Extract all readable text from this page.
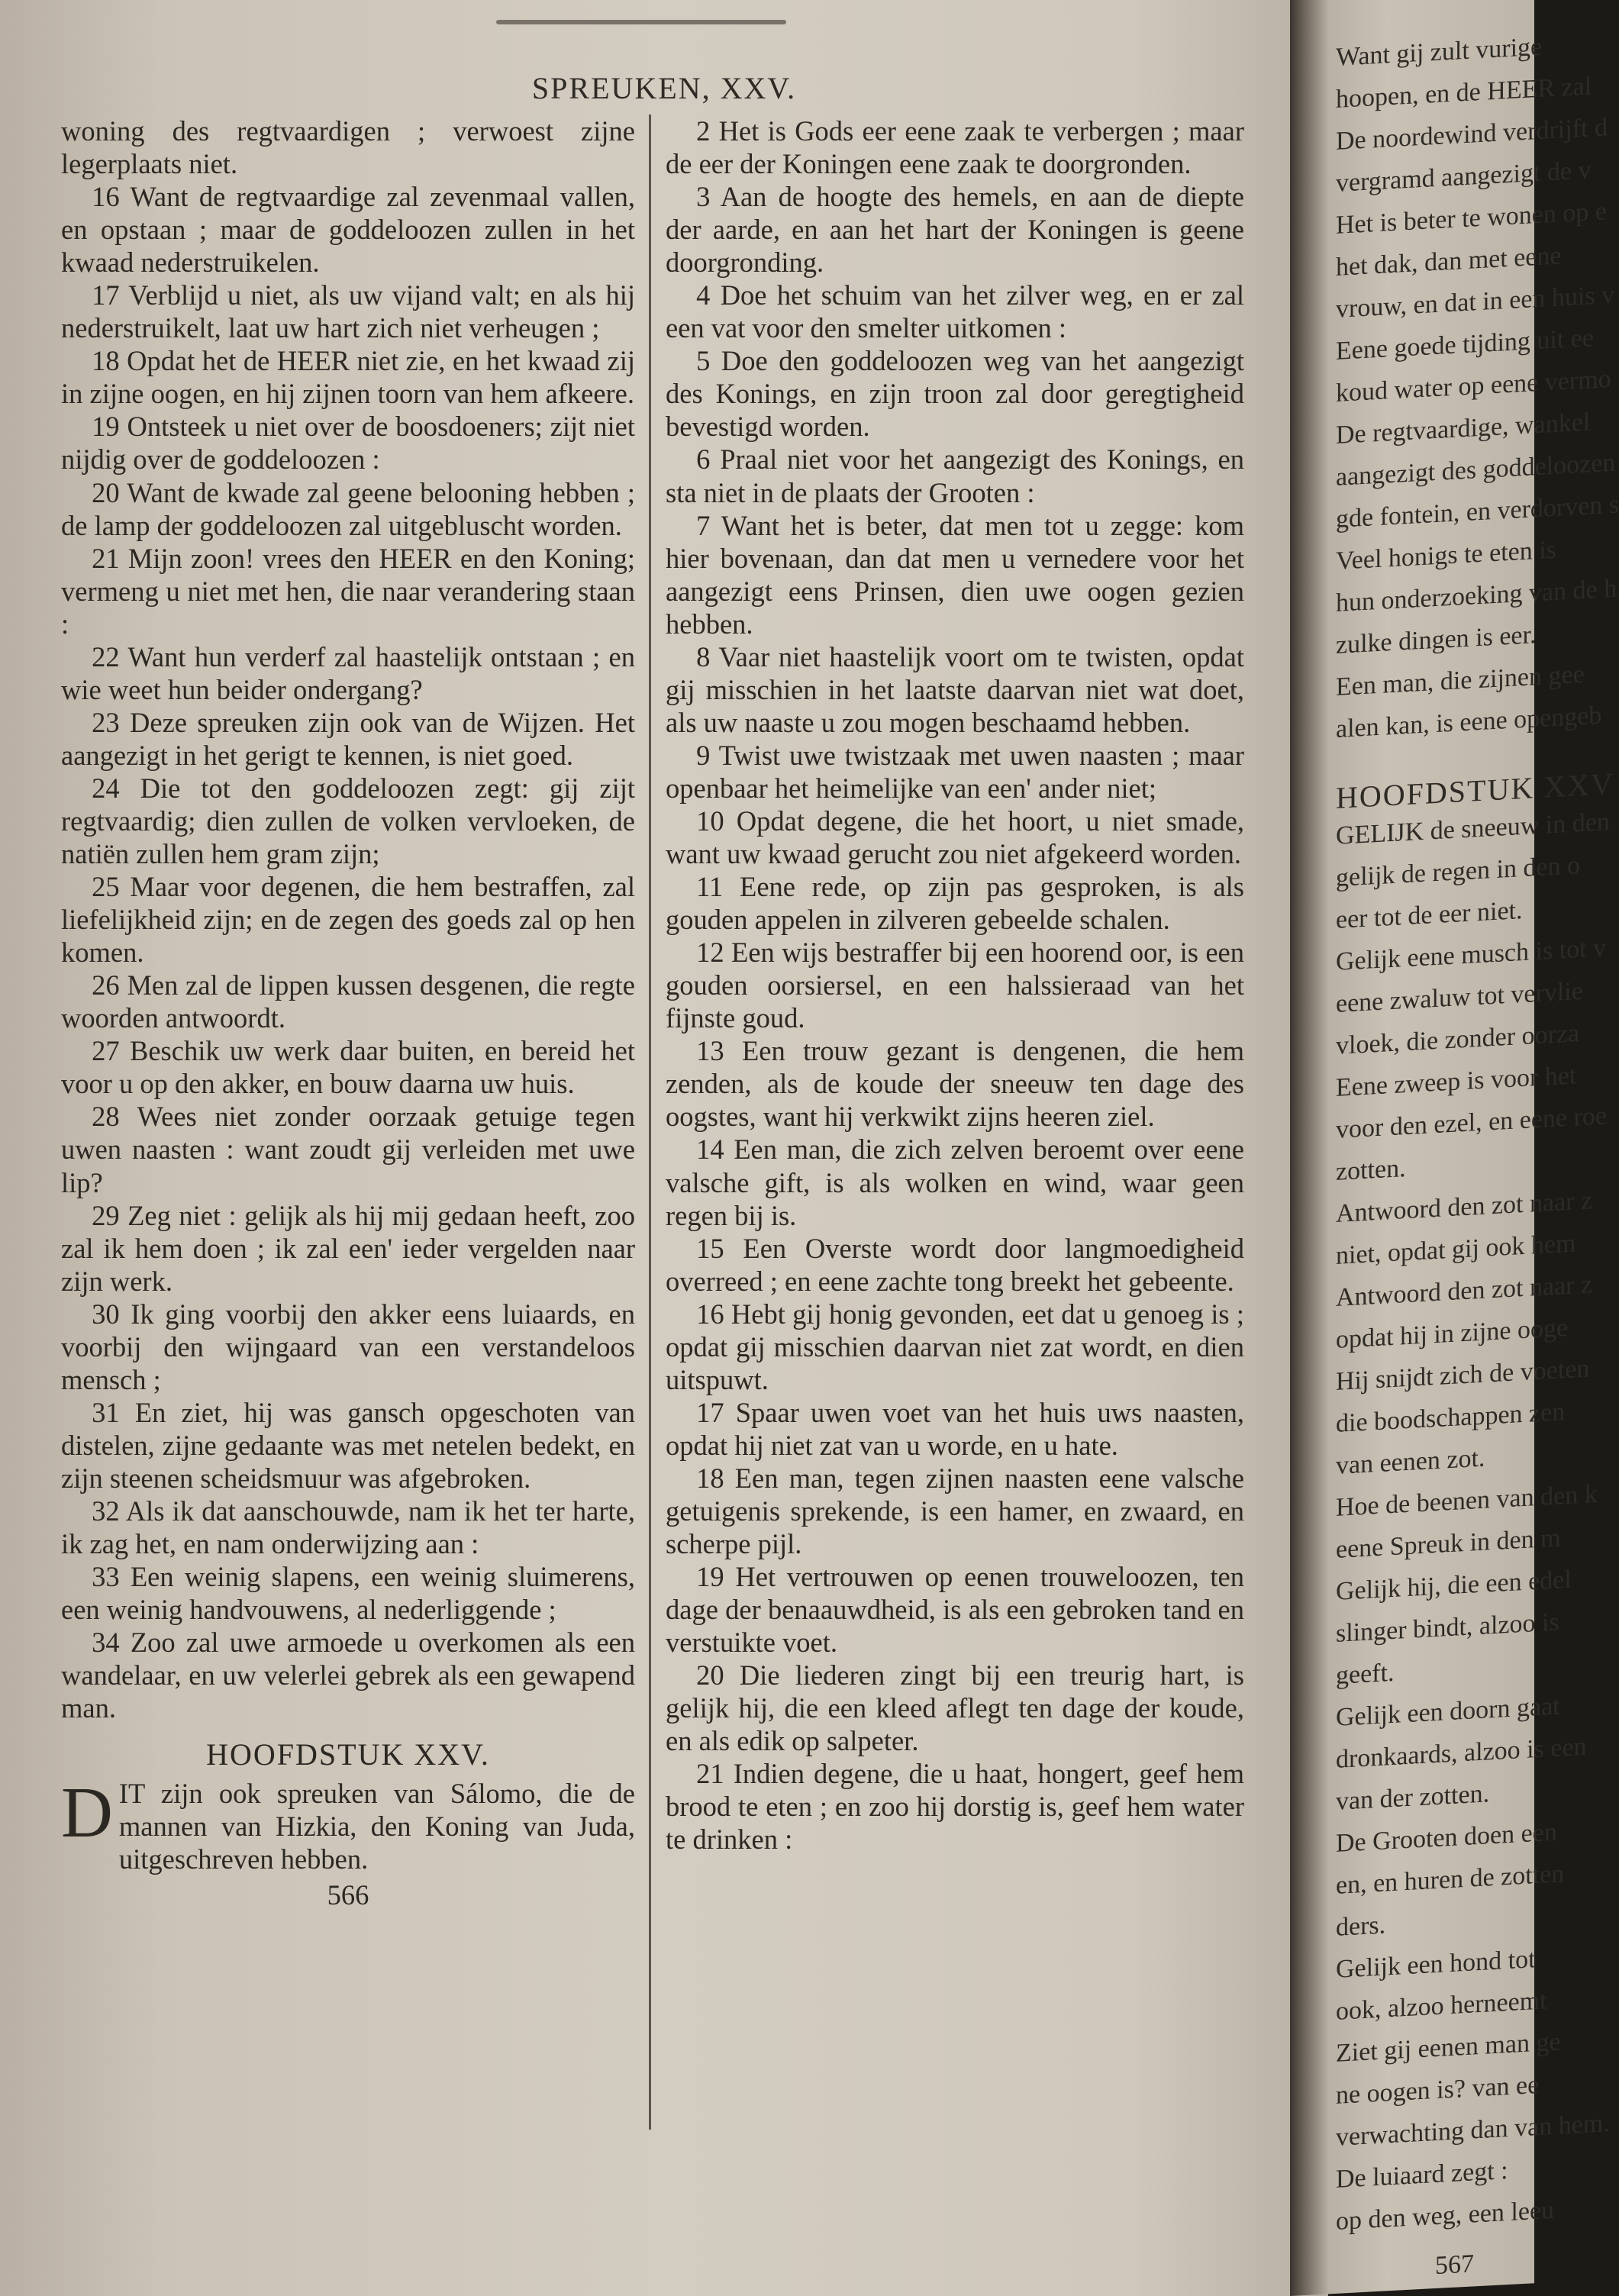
SPREUKEN, XXV.

woning des regtvaardigen ; verwoest zijne legerplaats niet.

16 Want de regtvaardige zal zevenmaal vallen, en opstaan ; maar de goddeloozen zullen in het kwaad nederstruikelen.

17 Verblijd u niet, als uw vijand valt; en als hij nederstruikelt, laat uw hart zich niet verheugen ;

18 Opdat het de HEER niet zie, en het kwaad zij in zijne oogen, en hij zijnen toorn van hem afkeere.

19 Ontsteek u niet over de boosdoeners; zijt niet nijdig over de goddeloozen :

20 Want de kwade zal geene belooning hebben ; de lamp der goddeloozen zal uitgebluscht worden.

21 Mijn zoon! vrees den HEER en den Koning; vermeng u niet met hen, die naar verandering staan :

22 Want hun verderf zal haastelijk ontstaan ; en wie weet hun beider ondergang?

23 Deze spreuken zijn ook van de Wijzen. Het aangezigt in het gerigt te kennen, is niet goed.

24 Die tot den goddeloozen zegt: gij zijt regtvaardig; dien zullen de volken vervloeken, de natiën zullen hem gram zijn;

25 Maar voor degenen, die hem bestraffen, zal liefelijkheid zijn; en de zegen des goeds zal op hen komen.

26 Men zal de lippen kussen desgenen, die regte woorden antwoordt.

27 Beschik uw werk daar buiten, en bereid het voor u op den akker, en bouw daarna uw huis.

28 Wees niet zonder oorzaak getuige tegen uwen naasten : want zoudt gij verleiden met uwe lip?

29 Zeg niet : gelijk als hij mij gedaan heeft, zoo zal ik hem doen ; ik zal een' ieder vergelden naar zijn werk.

30 Ik ging voorbij den akker eens luiaards, en voorbij den wijngaard van een verstandeloos mensch ;

31 En ziet, hij was gansch opgeschoten van distelen, zijne gedaante was met netelen bedekt, en zijn steenen scheidsmuur was afgebroken.

32 Als ik dat aanschouwde, nam ik het ter harte, ik zag het, en nam onderwijzing aan :

33 Een weinig slapens, een weinig sluimerens, een weinig handvouwens, al nederliggende ;

34 Zoo zal uwe armoede u overkomen als een wandelaar, en uw velerlei gebrek als een gewapend man.

HOOFDSTUK XXV.

DIT zijn ook spreuken van Sálomo, die de mannen van Hizkia, den Koning van Juda, uitgeschreven hebben.

566

2 Het is Gods eer eene zaak te verbergen ; maar de eer der Koningen eene zaak te doorgronden.

3 Aan de hoogte des hemels, en aan de diepte der aarde, en aan het hart der Koningen is geene doorgronding.

4 Doe het schuim van het zilver weg, en er zal een vat voor den smelter uitkomen :

5 Doe den goddeloozen weg van het aangezigt des Konings, en zijn troon zal door geregtigheid bevestigd worden.

6 Praal niet voor het aangezigt des Konings, en sta niet in de plaats der Grooten :

7 Want het is beter, dat men tot u zegge: kom hier bovenaan, dan dat men u vernedere voor het aangezigt eens Prinsen, dien uwe oogen gezien hebben.

8 Vaar niet haastelijk voort om te twisten, opdat gij misschien in het laatste daarvan niet wat doet, als uw naaste u zou mogen beschaamd hebben.

9 Twist uwe twistzaak met uwen naasten ; maar openbaar het heimelijke van een' ander niet;

10 Opdat degene, die het hoort, u niet smade, want uw kwaad gerucht zou niet afgekeerd worden.

11 Eene rede, op zijn pas gesproken, is als gouden appelen in zilveren gebeelde schalen.

12 Een wijs bestraffer bij een hoorend oor, is een gouden oorsiersel, en een halssieraad van het fijnste goud.

13 Een trouw gezant is dengenen, die hem zenden, als de koude der sneeuw ten dage des oogstes, want hij verkwikt zijns heeren ziel.

14 Een man, die zich zelven beroemt over eene valsche gift, is als wolken en wind, waar geen regen bij is.

15 Een Overste wordt door langmoedigheid overreed ; en eene zachte tong breekt het gebeente.

16 Hebt gij honig gevonden, eet dat u genoeg is ; opdat gij misschien daarvan niet zat wordt, en dien uitspuwt.

17 Spaar uwen voet van het huis uws naasten, opdat hij niet zat van u worde, en u hate.

18 Een man, tegen zijnen naasten eene valsche getuigenis sprekende, is een hamer, en zwaard, en scherpe pijl.

19 Het vertrouwen op eenen trouweloozen, ten dage der benaauwdheid, is als een gebroken tand en verstuikte voet.

20 Die liederen zingt bij een treurig hart, is gelijk hij, die een kleed aflegt ten dage der koude, en als edik op salpeter.

21 Indien degene, die u haat, hongert, geef hem brood te eten ; en zoo hij dorstig is, geef hem water te drinken :

Want gij zult vurige
hoopen, en de HEER zal
De noordewind verdrijft d
vergramd aangezigt de v
Het is beter te wonen op e
het dak, dan met eene
vrouw, en dat in een huis v
Eene goede tijding uit ee
koud water op eene vermo
De regtvaardige, wankel
aangezigt des goddeloozen
gde fontein, en verdorven s
Veel honigs te eten is
hun onderzoeking van de h
zulke dingen is eer.
Een man, die zijnen gee
alen kan, is eene opengeb
HOOFDSTUK XXV
GELIJK de sneeuw in den
gelijk de regen in den o
eer tot de eer niet.
Gelijk eene musch is tot v
eene zwaluw tot vervlie
vloek, die zonder oorza
Eene zweep is voor het
voor den ezel, en eene roe
zotten.
Antwoord den zot naar z
niet, opdat gij ook hem
Antwoord den zot naar z
opdat hij in zijne ooge
Hij snijdt zich de voeten
die boodschappen zen
van eenen zot.
Hoe de beenen van den k
eene Spreuk in den m
Gelijk hij, die een edel
slinger bindt, alzoo is
geeft.
Gelijk een doorn gaat
dronkaards, alzoo is een
van der zotten.
De Grooten doen een
en, en huren de zotten
ders.
Gelijk een hond tot
ook, alzoo herneemt
Ziet gij eenen man ge
ne oogen is? van ee
verwachting dan van hem.
De luiaard zegt :
op den weg, een leeu
567
